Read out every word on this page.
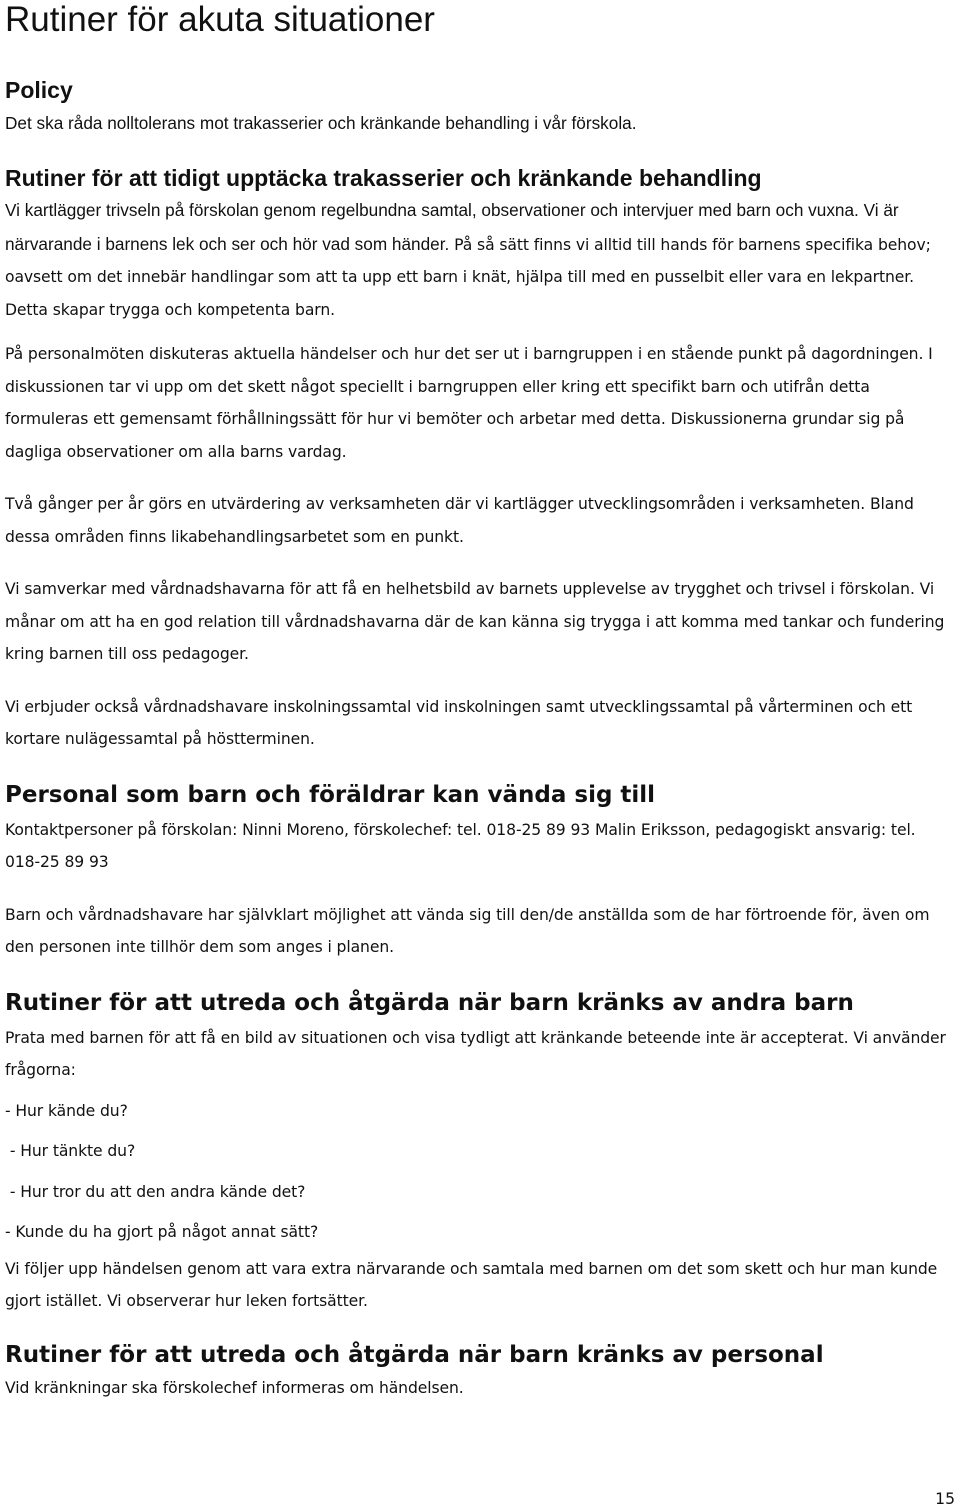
Rutiner för akuta situationer
Policy

Det ska råda nolltolerans mot trakasserier och kränkande behandling i vår förskola.

Rutiner för att tidigt upptäcka trakasserier och kränkande behandling

Vi kartlägger trivseln på förskolan genom regelbundna samtal, observationer och intervjuer med barn och vuxna. Vi är närvarande i barnens lek och ser och hör vad som händer. På så sätt finns vi alltid till hands för barnens specifika behov; oavsett om det innebär handlingar som att ta upp ett barn i knät, hjälpa till med en pusselbit eller vara en lekpartner. Detta skapar trygga och kompetenta barn.

På personalmöten diskuteras aktuella händelser och hur det ser ut i barngruppen i en stående punkt på dagordningen. I diskussionen tar vi upp om det skett något speciellt i barngruppen eller kring ett specifikt barn och utifrån detta formuleras ett gemensamt förhållningssätt för hur vi bemöter och arbetar med detta. Diskussionerna grundar sig på dagliga observationer om alla barns vardag.

Två gånger per år görs en utvärdering av verksamheten där vi kartlägger utvecklingsområden i verksamheten. Bland dessa områden finns likabehandlingsarbetet som en punkt.

Vi samverkar med vårdnadshavarna för att få en helhetsbild av barnets upplevelse av trygghet och trivsel i förskolan. Vi månar om att ha en god relation till vårdnadshavarna där de kan känna sig trygga i att komma med tankar och fundering kring barnen till oss pedagoger.

Vi erbjuder också vårdnadshavare inskolningssamtal vid inskolningen samt utvecklingssamtal på vårterminen och ett kortare nulägessamtal på höstterminen.

Personal som barn och föräldrar kan vända sig till

Kontaktpersoner på förskolan: Ninni Moreno, förskolechef: tel. 018-25 89 93 Malin Eriksson, pedagogiskt ansvarig: tel. 018-25 89 93

Barn och vårdnadshavare har självklart möjlighet att vända sig till den/de anställda som de har förtroende för, även om den personen inte tillhör dem som anges i planen.

Rutiner för att utreda och åtgärda när barn kränks av andra barn

Prata med barnen för att få en bild av situationen och visa tydligt att kränkande beteende inte är accepterat. Vi använder frågorna:

- Hur kände du?

- Hur tänkte du?

- Hur tror du att den andra kände det?

- Kunde du ha gjort på något annat sätt?

Vi följer upp händelsen genom att vara extra närvarande och samtala med barnen om det som skett och hur man kunde gjort istället. Vi observerar hur leken fortsätter.

Rutiner för att utreda och åtgärda när barn kränks av personal

Vid kränkningar ska förskolechef informeras om händelsen.

15
